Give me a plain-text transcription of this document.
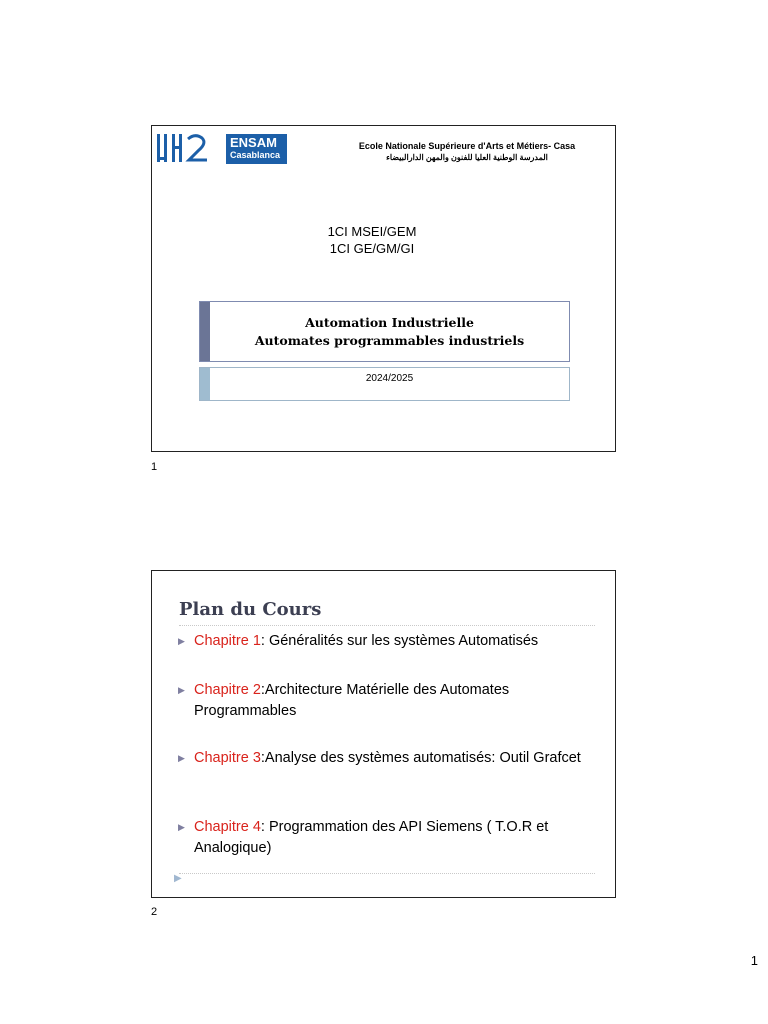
ENSAM
Casablanca
Ecole Nationale Supérieure d'Arts et Métiers- Casa
المدرسة الوطنية العليا للفنون والمهن الدارالبيضاء
1CI MSEI/GEM
1CI GE/GM/GI
Automation Industrielle
Automates programmables industriels
2024/2025
1
Plan du Cours
▶ Chapitre 1: Généralités sur les systèmes Automatisés
▶ Chapitre 2:Architecture Matérielle des Automates Programmables
▶ Chapitre 3:Analyse des systèmes automatisés: Outil Grafcet
▶ Chapitre 4: Programmation des API Siemens ( T.O.R et Analogique)
▶
2
1
